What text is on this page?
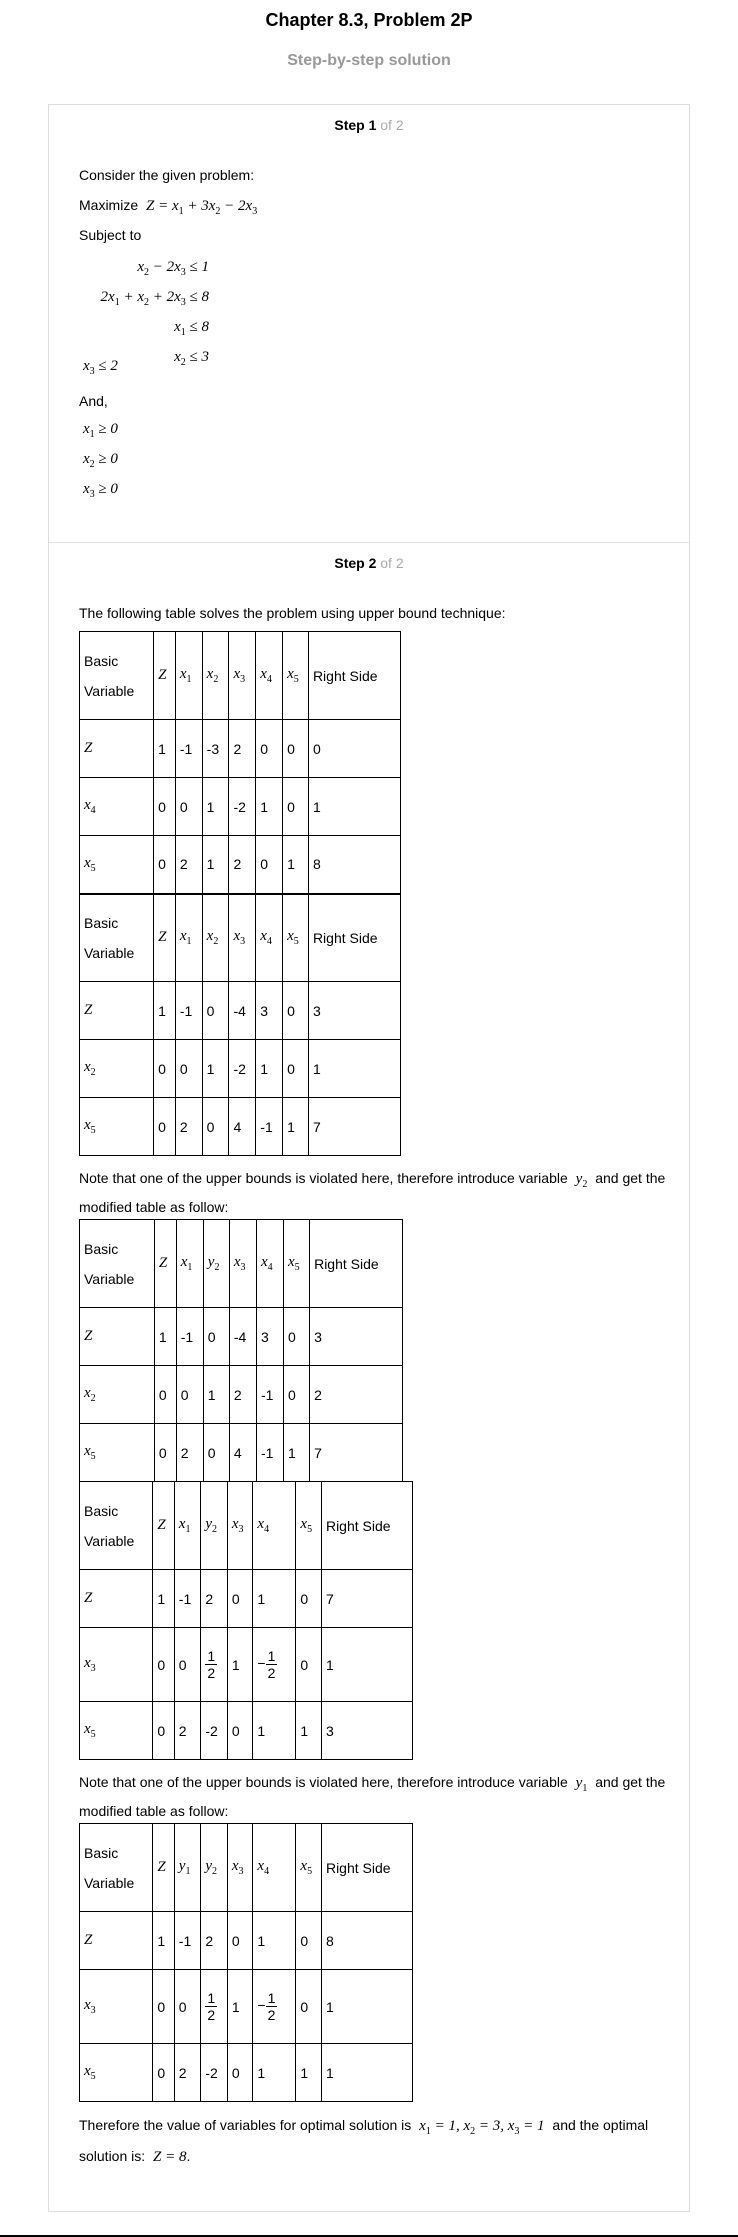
Chapter 8.3, Problem 2P
Step-by-step solution
Step 1 of 2
Consider the given problem:
Maximize $Z = x_1 + 3x_2 - 2x_3$
Subject to
$x_2 - 2x_3 \le 1$
$2x_1 + x_2 + 2x_3 \le 8$
$x_1 \le 8$
$x_2 \le 3$
$x_3 \le 2$
And,
$x_1 \ge 0$
$x_2 \ge 0$
$x_3 \ge 0$
Step 2 of 2
The following table solves the problem using upper bound technique:
Basic
Variable	Z	$x_1$	$x_2$	$x_3$	$x_4$	$x_5$	Right Side
Z	1	-1	-3	2	0	0	0
$x_4$	0	0	1	-2	1	0	1
$x_5$	0	2	1	2	0	1	8
Basic
Variable	Z	$x_1$	$x_2$	$x_3$	$x_4$	$x_5$	Right Side
Z	1	-1	0	-4	3	0	3
$x_2$	0	0	1	-2	1	0	1
$x_5$	0	2	0	4	-1	1	7
Note that one of the upper bounds is violated here, therefore introduce variable $y_2$ and get the modified table as follow:
Basic
Variable	Z	$x_1$	$y_2$	$x_3$	$x_4$	$x_5$	Right Side
Z	1	-1	0	-4	3	0	3
$x_2$	0	0	1	2	-1	0	2
$x_5$	0	2	0	4	-1	1	7
Basic
Variable	Z	$x_1$	$y_2$	$x_3$	$x_4$	$x_5$	Right Side
Z	1	-1	2	0	1	0	7
$x_3$	0	0	$\frac{1}{2}$	1	− $\frac{1}{2}$	0	1
$x_5$	0	2	-2	0	1	1	3
Note that one of the upper bounds is violated here, therefore introduce variable $y_1$ and get the modified table as follow:
Basic
Variable	Z	$y_1$	$y_2$	$x_3$	$x_4$	$x_5$	Right Side
Z	1	-1	2	0	1	0	8
$x_3$	0	0	$\frac{1}{2}$	1	− $\frac{1}{2}$	0	1
$x_5$	0	2	-2	0	1	1	1
Therefore the value of variables for optimal solution is $x_1 = 1$, $x_2 = 3$, $x_3 = 1$ and the optimal solution is: Z = 8.
